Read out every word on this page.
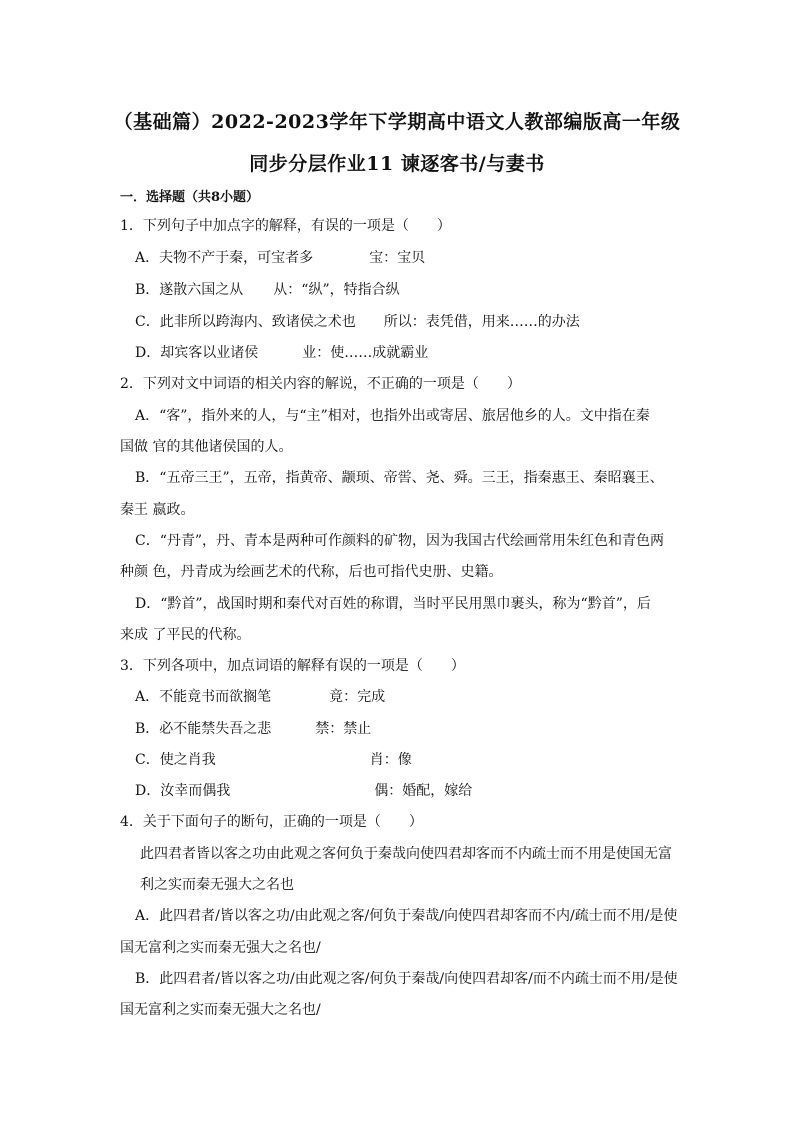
（基础篇）2022-2023学年下学期高中语文人教部编版高一年级
同步分层作业11 谏逐客书/与妻书
一．选择题（共8小题）
1．下列句子中加点字的解释，有误的一项是（　　）
A．夫物不产于秦，可宝者多	宝：宝贝
B．遂散六国之从 从：“纵”，特指合纵
C．此非所以跨海内、致诸侯之术也 所以：表凭借，用来……的办法
D．却宾客以业诸侯	业：使……成就霸业
2．下列对文中词语的相关内容的解说，不正确的一项是（　　）
A．“客”，指外来的人，与“主”相对，也指外出或寄居、旅居他乡的人。文中指在秦
国做 官的其他诸侯国的人。
B．“五帝三王”，五帝，指黄帝、颛顼、帝喾、尧、舜。三王，指秦惠王、秦昭襄王、
秦王 嬴政。
C．“丹青”，丹、青本是两种可作颜料的矿物，因为我国古代绘画常用朱红色和青色两
种颜 色，丹青成为绘画艺术的代称，后也可指代史册、史籍。
D．“黔首”，战国时期和秦代对百姓的称谓，当时平民用黑巾裹头，称为“黔首”，后
来成 了平民的代称。
3．下列各项中，加点词语的解释有误的一项是（　　）
A．不能竟书而欲搁笔	竟：完成
B．必不能禁失吾之悲	禁：禁止
C．使之肖我	肖：像
D．汝幸而偶我	偶：婚配，嫁给
4．关于下面句子的断句，正确的一项是（　　）
此四君者皆以客之功由此观之客何负于秦哉向使四君却客而不内疏士而不用是使国无富
利之实而秦无强大之名也
A．此四君者/皆以客之功/由此观之客/何负于秦哉/向使四君却客而不内/疏士而不用/是使
国无富利之实而秦无强大之名也/
B．此四君者/皆以客之功/由此观之客/何负于秦哉/向使四君却客/而不内疏士而不用/是使
国无富利之实而秦无强大之名也/
